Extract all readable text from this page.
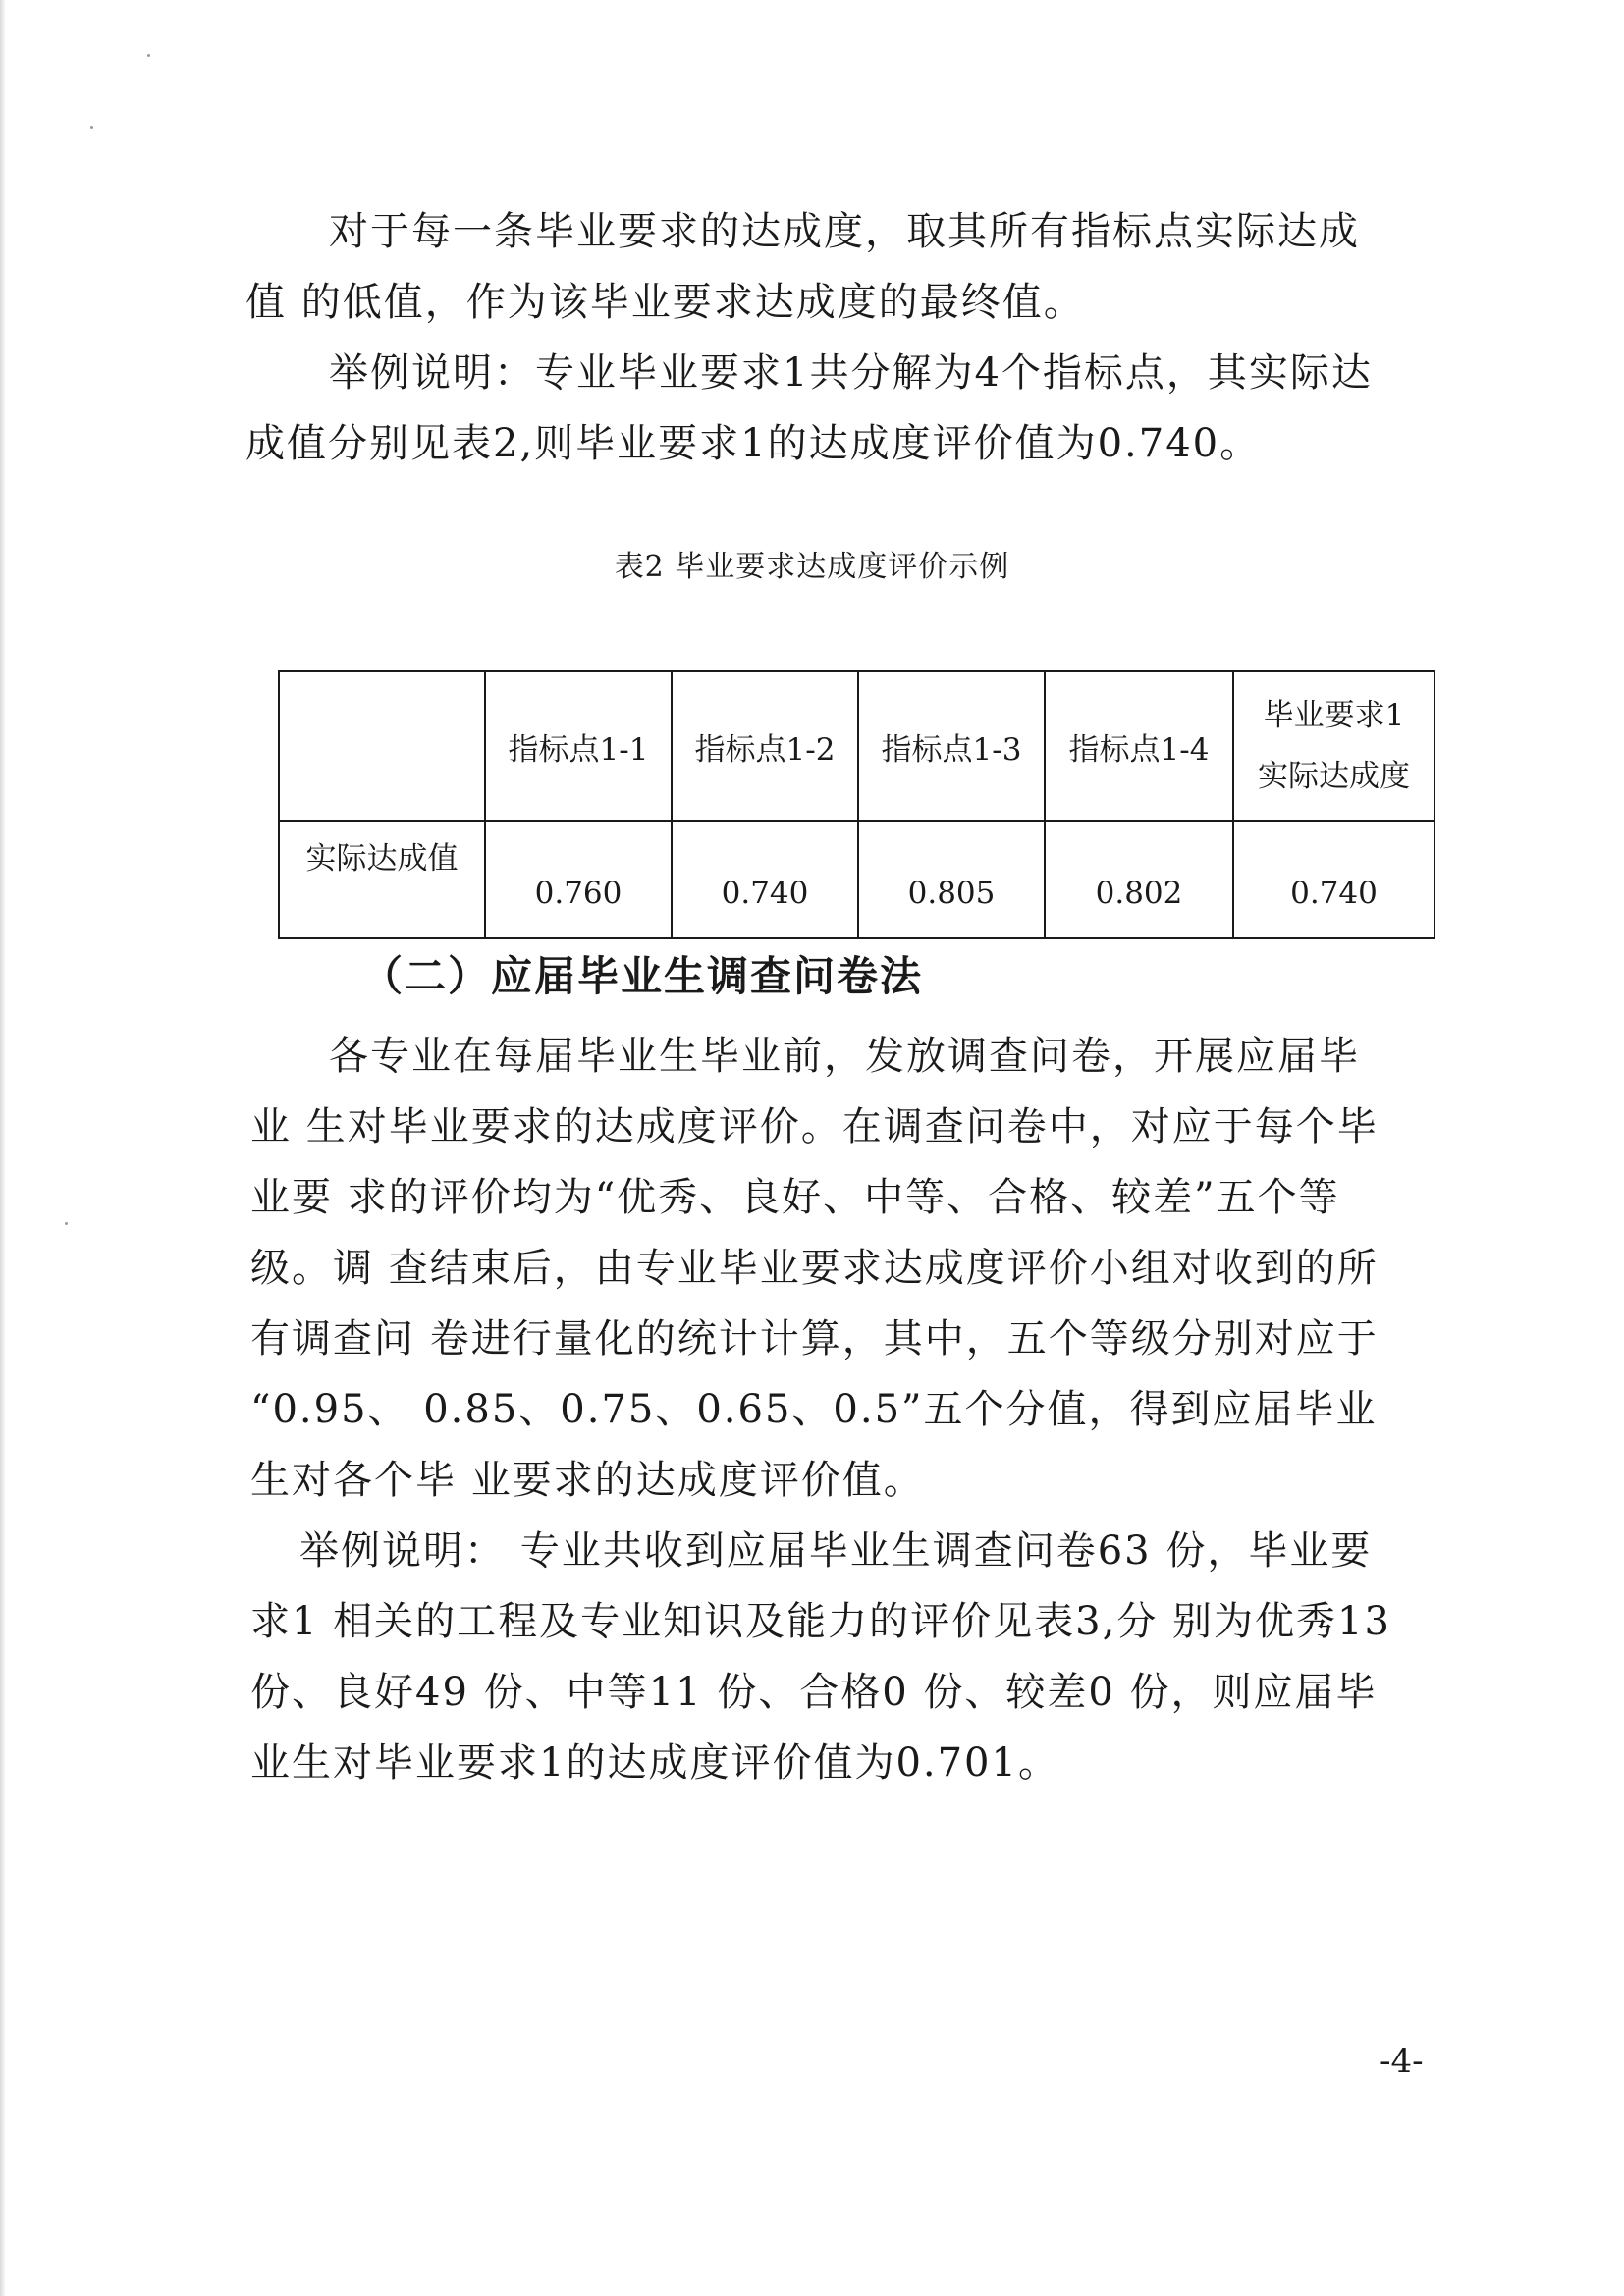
对于每一条毕业要求的达成度，取其所有指标点实际达成
值 的低值，作为该毕业要求达成度的最终值。
举例说明：专业毕业要求1共分解为4个指标点，其实际达
成值分别见表2,则毕业要求1的达成度评价值为0.740。

表2 毕业要求达成度评价示例

	指标点1-1	指标点1-2	指标点1-3	指标点1-4	毕业要求1
实际达成度

实际达成值	0.760	0.740	0.805	0.802	0.740

（二）应届毕业生调查问卷法

各专业在每届毕业生毕业前，发放调查问卷，开展应届毕
业 生对毕业要求的达成度评价。在调查问卷中，对应于每个毕
业要 求的评价均为“优秀、良好、中等、合格、较差”五个等
级。调 查结束后，由专业毕业要求达成度评价小组对收到的所
有调查问 卷进行量化的统计计算，其中，五个等级分别对应于
“0.95、 0.85、0.75、0.65、0.5”五个分值，得到应届毕业
生对各个毕 业要求的达成度评价值。
举例说明： 专业共收到应届毕业生调查问卷63 份，毕业要
求1 相关的工程及专业知识及能力的评价见表3,分 别为优秀13
份、良好49 份、中等11 份、合格0 份、较差0 份，则应届毕
业生对毕业要求1的达成度评价值为0.701。

-4-
